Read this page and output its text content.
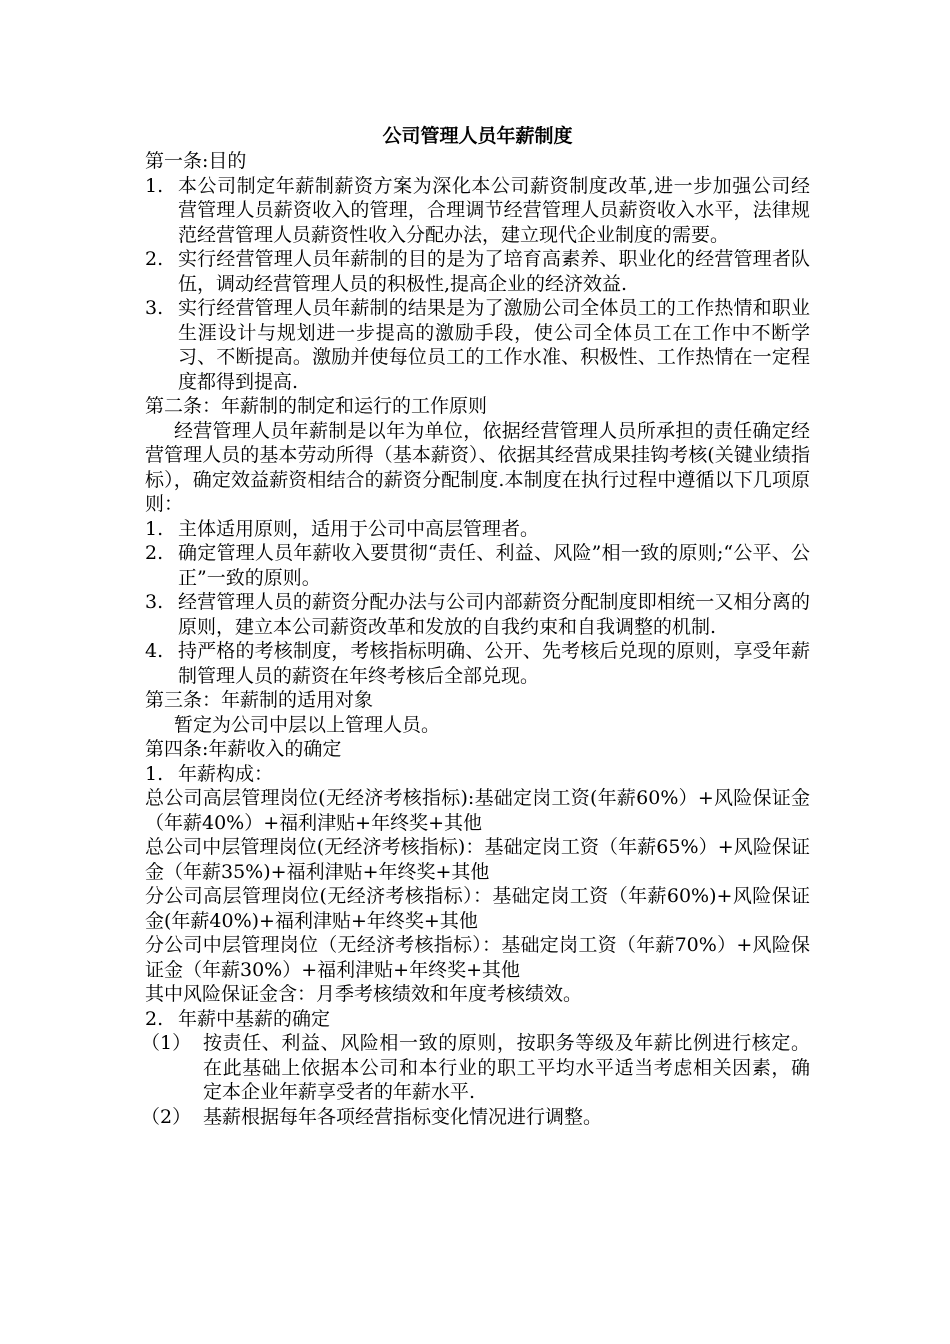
公司管理人员年薪制度
第一条:目的
1. 本公司制定年薪制薪资方案为深化本公司薪资制度改革,进一步加强公司经营管理人员薪资收入的管理，合理调节经营管理人员薪资收入水平，法律规范经营管理人员薪资性收入分配办法，建立现代企业制度的需要。
2. 实行经营管理人员年薪制的目的是为了培育高素养、职业化的经营管理者队伍，调动经营管理人员的积极性,提高企业的经济效益.
3. 实行经营管理人员年薪制的结果是为了激励公司全体员工的工作热情和职业生涯设计与规划进一步提高的激励手段，使公司全体员工在工作中不断学习、不断提高。激励并使每位员工的工作水准、积极性、工作热情在一定程度都得到提高.
第二条：年薪制的制定和运行的工作原则
经营管理人员年薪制是以年为单位，依据经营管理人员所承担的责任确定经营管理人员的基本劳动所得（基本薪资）、依据其经营成果挂钩考核(关键业绩指标），确定效益薪资相结合的薪资分配制度.本制度在执行过程中遵循以下几项原则：
1. 主体适用原则，适用于公司中高层管理者。
2. 确定管理人员年薪收入要贯彻“责任、利益、风险”相一致的原则;“公平、公正”一致的原则。
3. 经营管理人员的薪资分配办法与公司内部薪资分配制度即相统一又相分离的原则，建立本公司薪资改革和发放的自我约束和自我调整的机制.
4. 持严格的考核制度，考核指标明确、公开、先考核后兑现的原则，享受年薪制管理人员的薪资在年终考核后全部兑现。
第三条：年薪制的适用对象
暂定为公司中层以上管理人员。
第四条:年薪收入的确定
1. 年薪构成：
总公司高层管理岗位(无经济考核指标):基础定岗工资(年薪60%）+风险保证金（年薪40%）+福利津贴+年终奖+其他
总公司中层管理岗位(无经济考核指标)：基础定岗工资（年薪65%）+风险保证金（年薪35%)+福利津贴+年终奖+其他
分公司高层管理岗位(无经济考核指标）：基础定岗工资（年薪60%)+风险保证金(年薪40%)+福利津贴+年终奖+其他
分公司中层管理岗位（无经济考核指标）：基础定岗工资（年薪70%）+风险保证金（年薪30%）+福利津贴+年终奖+其他
其中风险保证金含：月季考核绩效和年度考核绩效。
2. 年薪中基薪的确定
（1） 按责任、利益、风险相一致的原则，按职务等级及年薪比例进行核定。在此基础上依据本公司和本行业的职工平均水平适当考虑相关因素，确定本企业年薪享受者的年薪水平.
（2） 基薪根据每年各项经营指标变化情况进行调整。
